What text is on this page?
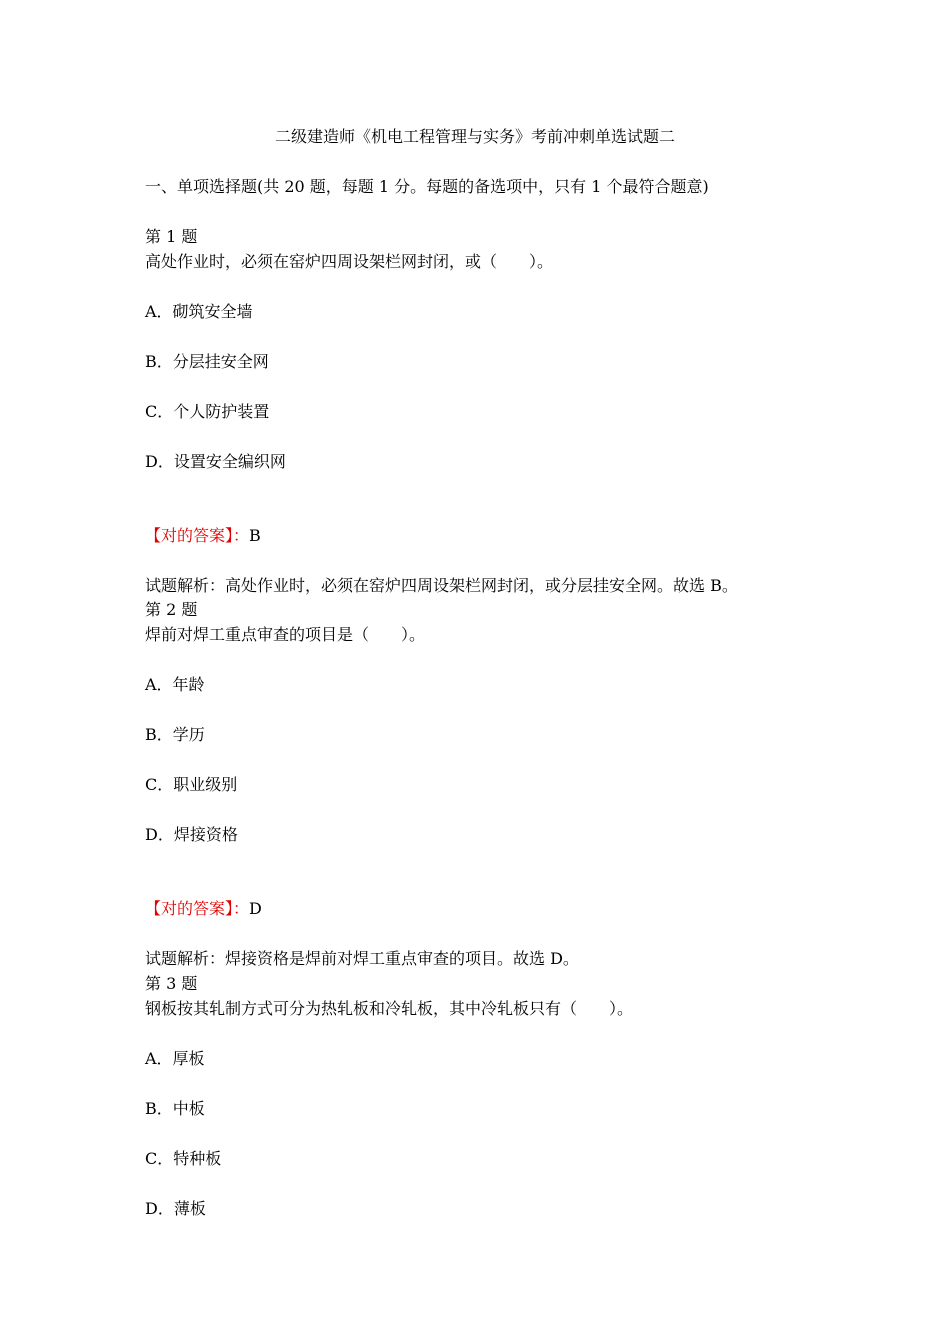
二级建造师《机电工程管理与实务》考前冲刺单选试题二
一、单项选择题(共 20 题，每题 1 分。每题的备选项中，只有 1 个最符合题意)
第 1 题
高处作业时，必须在窑炉四周设架栏网封闭，或（　　）。
A．砌筑安全墙
B．分层挂安全网
C．个人防护装置
D．设置安全编织网
【对的答案】：B
试题解析：高处作业时，必须在窑炉四周设架栏网封闭，或分层挂安全网。故选 B。
第 2 题
焊前对焊工重点审查的项目是（　　）。
A．年龄
B．学历
C．职业级别
D．焊接资格
【对的答案】：D
试题解析：焊接资格是焊前对焊工重点审查的项目。故选 D。
第 3 题
钢板按其轧制方式可分为热轧板和冷轧板，其中冷轧板只有（　　）。
A．厚板
B．中板
C．特种板
D．薄板
